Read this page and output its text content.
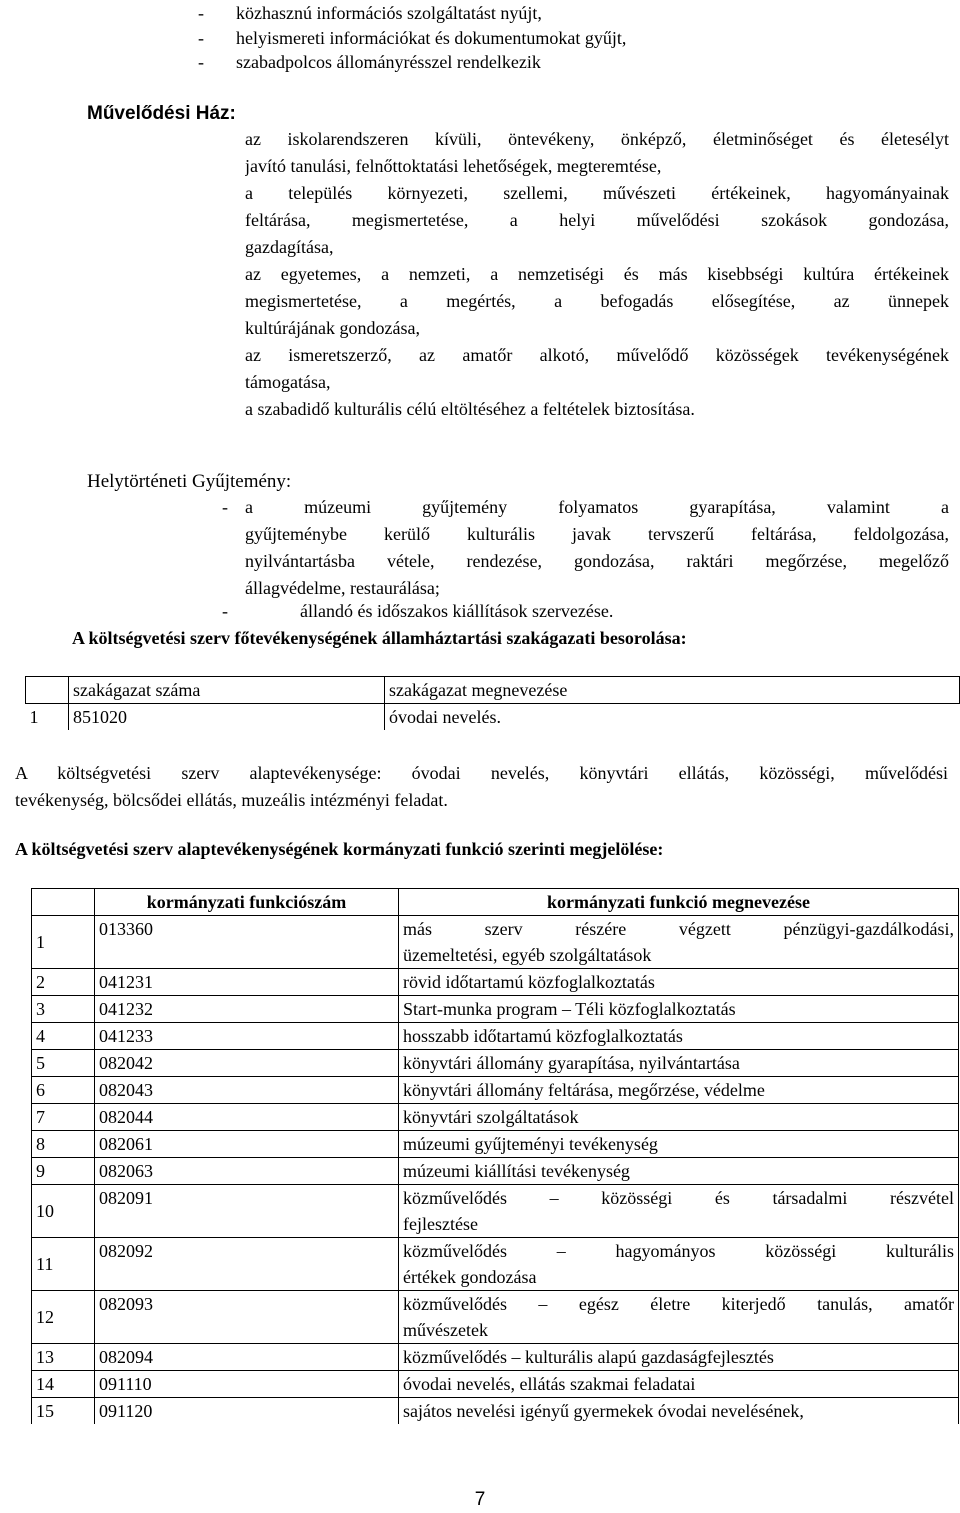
- közhasznú információs szolgáltatást nyújt,
- helyismereti információkat és dokumentumokat gyűjt,
- szabadpolcos állományrésszel rendelkezik
Művelődési Ház:
az iskolarendszeren kívüli, öntevékeny, önképző, életminőséget és életesélyt
javító tanulási, felnőttoktatási lehetőségek, megteremtése,
a település környezeti, szellemi, művészeti értékeinek, hagyományainak
feltárása, megismertetése, a helyi művelődési szokások gondozása,
gazdagítása,
az egyetemes, a nemzeti, a nemzetiségi és más kisebbségi kultúra értékeinek
megismertetése, a megértés, a befogadás elősegítése, az ünnepek
kultúrájának gondozása,
az ismeretszerző, az amatőr alkotó, művelődő közösségek tevékenységének
támogatása,
a szabadidő kulturális célú eltöltéséhez a feltételek biztosítása.
Helytörténeti Gyűjtemény:
- a múzeumi gyűjtemény folyamatos gyarapítása, valamint a
gyűjteménybe kerülő kulturális javak tervszerű feltárása, feldolgozása,
nyilvántartásba vétele, rendezése, gondozása, raktári megőrzése, megelőző
állagvédelme, restaurálása;
-	állandó és időszakos kiállítások szervezése.
A költségvetési szerv főtevékenységének államháztartási szakágazati besorolása:
	szakágazat száma	szakágazat megnevezése
1	851020	óvodai nevelés.
A költségvetési szerv alaptevékenysége: óvodai nevelés, könyvtári ellátás, közösségi, művelődési
tevékenység, bölcsődei ellátás, muzeális intézményi feladat.
A költségvetési szerv alaptevékenységének kormányzati funkció szerinti megjelölése:
	kormányzati funkciószám	kormányzati funkció megnevezése
1	013360	más szerv részére végzett pénzügyi-gazdálkodási,
üzemeltetési, egyéb szolgáltatások

2	041231	rövid időtartamú közfoglalkoztatás

3	041232	Start-munka program – Téli közfoglalkoztatás

4	041233	hosszabb időtartamú közfoglalkoztatás

5	082042	könyvtári állomány gyarapítása, nyilvántartása

6	082043	könyvtári állomány feltárása, megőrzése, védelme

7	082044	könyvtári szolgáltatások

8	082061	múzeumi gyűjteményi tevékenység

9	082063	múzeumi kiállítási tevékenység

10	082091	közművelődés – közösségi és társadalmi részvétel
fejlesztése

11	082092	közművelődés – hagyományos közösségi kulturális
értékek gondozása

12	082093	közművelődés – egész életre kiterjedő tanulás, amatőr
művészetek

13	082094	közművelődés – kulturális alapú gazdaságfejlesztés

14	091110	óvodai nevelés, ellátás szakmai feladatai

15	091120	sajátos nevelési igényű gyermekek óvodai nevelésének,
7
